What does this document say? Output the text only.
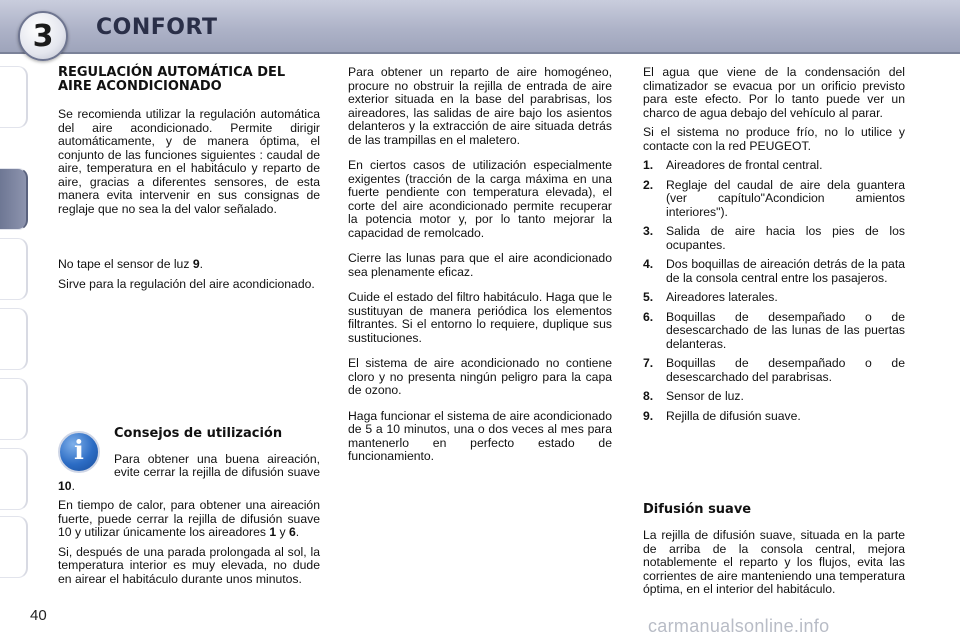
3	CONFORT
REGULACIÓN AUTOMÁTICA DEL AIRE ACONDICIONADO

Se recomienda utilizar la regulación automática del aire acondicionado. Permite dirigir automáticamente, y de manera óptima, el conjunto de las funciones siguientes : caudal de aire, temperatura en el habitáculo y reparto de aire, gracias a diferentes sensores, de esta manera evita intervenir en sus consignas de reglaje que no sea la del valor señalado.

No tape el sensor de luz 9.

Sirve para la regulación del aire acondicionado.

i
Consejos de utilización

Para obtener una buena aireación, evite cerrar la rejilla de difusión suave 10.

En tiempo de calor, para obtener una aireación fuerte, puede cerrar la rejilla de difusión suave 10 y utilizar únicamente los aireadores 1 y 6.

Si, después de una parada prolongada al sol, la temperatura interior es muy elevada, no dude en airear el habitáculo durante unos minutos.

Para obtener un reparto de aire homogéneo, procure no obstruir la rejilla de entrada de aire exterior situada en la base del parabrisas, los aireadores, las salidas de aire bajo los asientos delanteros y la extracción de aire situada detrás de las trampillas en el maletero.

En ciertos casos de utilización especialmente exigentes (tracción de la carga máxima en una fuerte pendiente con temperatura elevada), el corte del aire acondicionado permite recuperar la potencia motor y, por lo tanto mejorar la capacidad de remolcado.

Cierre las lunas para que el aire acondicionado sea plenamente eficaz.

Cuide el estado del filtro habitáculo. Haga que le sustituyan de manera periódica los elementos filtrantes. Si el entorno lo requiere, duplique sus sustituciones.

El sistema de aire acondicionado no contiene cloro y no presenta ningún peligro para la capa de ozono.

Haga funcionar el sistema de aire acondicionado de 5 a 10 minutos, una o dos veces al mes para mantenerlo en perfecto estado de funcionamiento.

El agua que viene de la condensación del climatizador se evacua por un orificio previsto para este efecto. Por lo tanto puede ver un charco de agua debajo del vehículo al parar.

Si el sistema no produce frío, no lo utilice y contacte con la red PEUGEOT.

1.	Aireadores de frontal central.
2.	Reglaje del caudal de aire dela guantera (ver capítulo"Acondicion amientos interiores").
3.	Salida de aire hacia los pies de los ocupantes.
4.	Dos boquillas de aireación detrás de la pata de la consola central entre los pasajeros.
5.	Aireadores laterales.
6.	Boquillas de desempañado o de desescarchado de las lunas de las puertas delanteras.
7.	Boquillas de desempañado o de desescarchado del parabrisas.
8.	Sensor de luz.
9.	Rejilla de difusión suave.
Difusión suave

La rejilla de difusión suave, situada en la parte de arriba de la consola central, mejora notablemente el reparto y los flujos, evita las corrientes de aire manteniendo una temperatura óptima, en el interior del habitáculo.

40
carmanualsonline.info
